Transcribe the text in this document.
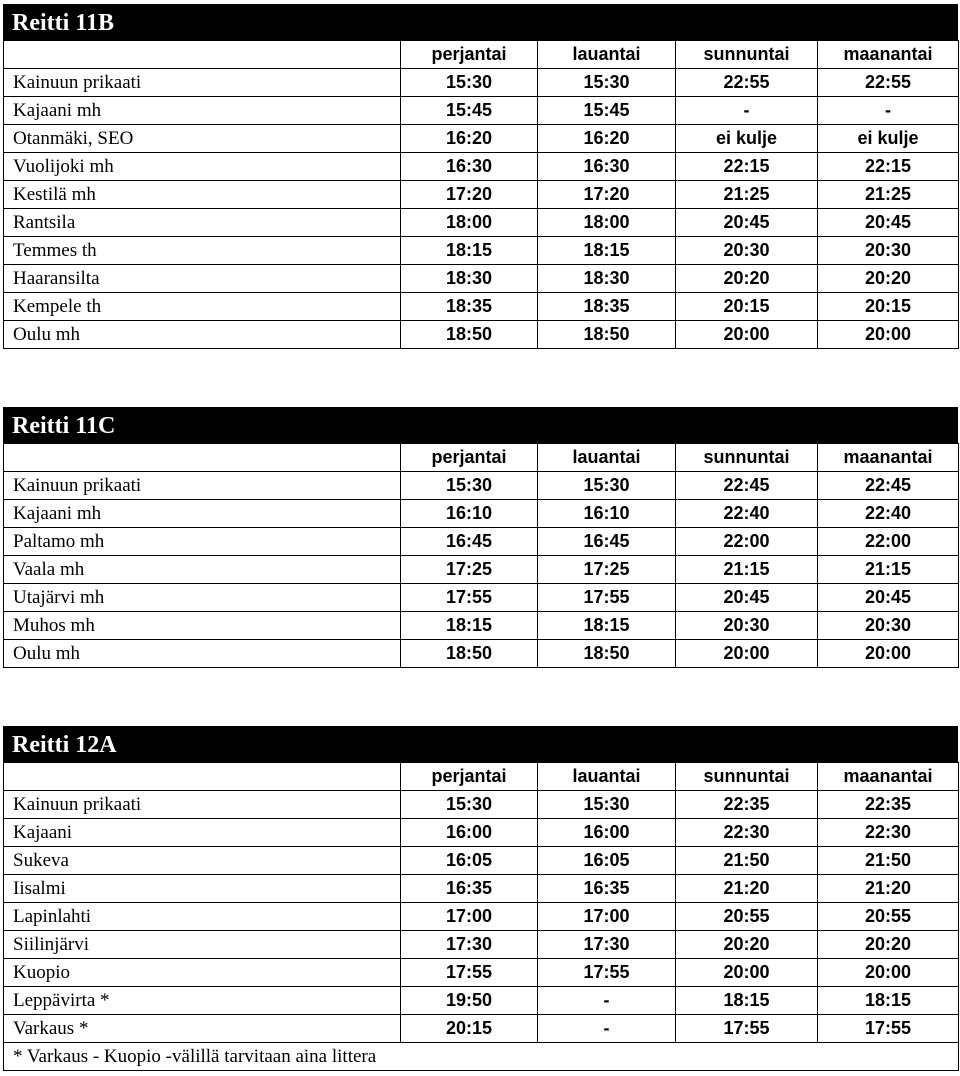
Reitti 11B
	perjantai	lauantai	sunnuntai	maanantai
Kainuun prikaati	15:30	15:30	22:55	22:55
Kajaani mh	15:45	15:45	-	-
Otanmäki, SEO	16:20	16:20	ei kulje	ei kulje
Vuolijoki mh	16:30	16:30	22:15	22:15
Kestilä mh	17:20	17:20	21:25	21:25
Rantsila	18:00	18:00	20:45	20:45
Temmes th	18:15	18:15	20:30	20:30
Haaransilta	18:30	18:30	20:20	20:20
Kempele th	18:35	18:35	20:15	20:15
Oulu mh	18:50	18:50	20:00	20:00
Reitti 11C
	perjantai	lauantai	sunnuntai	maanantai
Kainuun prikaati	15:30	15:30	22:45	22:45
Kajaani mh	16:10	16:10	22:40	22:40
Paltamo mh	16:45	16:45	22:00	22:00
Vaala mh	17:25	17:25	21:15	21:15
Utajärvi mh	17:55	17:55	20:45	20:45
Muhos mh	18:15	18:15	20:30	20:30
Oulu mh	18:50	18:50	20:00	20:00
Reitti 12A
	perjantai	lauantai	sunnuntai	maanantai
Kainuun prikaati	15:30	15:30	22:35	22:35
Kajaani	16:00	16:00	22:30	22:30
Sukeva	16:05	16:05	21:50	21:50
Iisalmi	16:35	16:35	21:20	21:20
Lapinlahti	17:00	17:00	20:55	20:55
Siilinjärvi	17:30	17:30	20:20	20:20
Kuopio	17:55	17:55	20:00	20:00
Leppävirta *	19:50	-	18:15	18:15
Varkaus *	20:15	-	17:55	17:55
* Varkaus - Kuopio -välillä tarvitaan aina littera				
